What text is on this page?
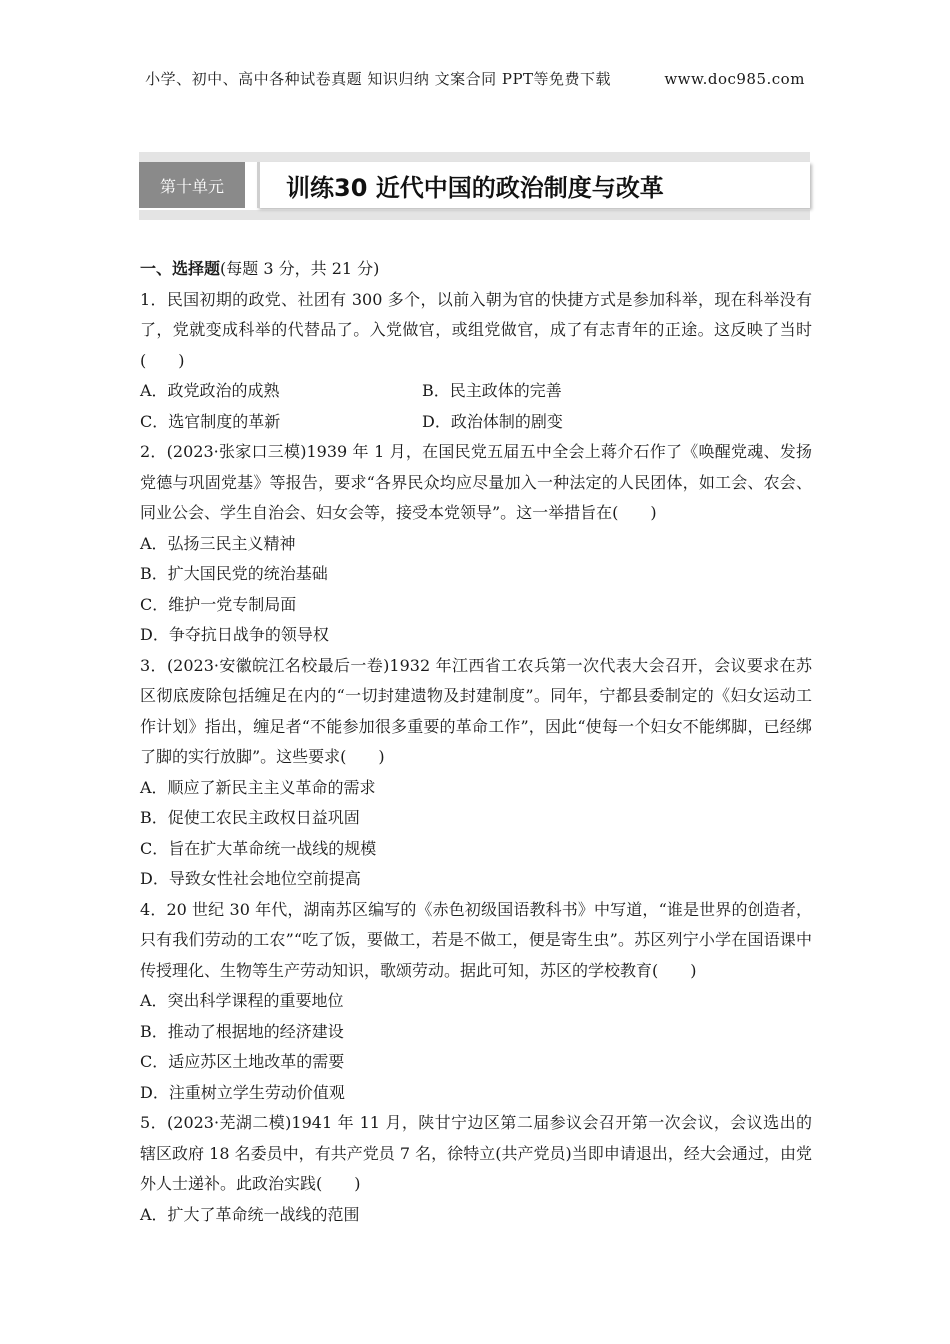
小学、初中、高中各种试卷真题 知识归纳 文案合同 PPT等免费下载	www.doc985.com
第十单元	训练30 近代中国的政治制度与改革

一、选择题(每题 3 分，共 21 分)

1．民国初期的政党、社团有 300 多个，以前入朝为官的快捷方式是参加科举，现在科举没有了，党就变成科举的代替品了。入党做官，或组党做官，成了有志青年的正途。这反映了当时(　　)

A．政党政治的成熟	B．民主政体的完善

C．选官制度的革新	D．政治体制的剧变

2．(2023·张家口三模)1939 年 1 月，在国民党五届五中全会上蒋介石作了《唤醒党魂、发扬党德与巩固党基》等报告，要求“各界民众均应尽量加入一种法定的人民团体，如工会、农会、同业公会、学生自治会、妇女会等，接受本党领导”。这一举措旨在(　　)

A．弘扬三民主义精神

B．扩大国民党的统治基础

C．维护一党专制局面

D．争夺抗日战争的领导权

3．(2023·安徽皖江名校最后一卷)1932 年江西省工农兵第一次代表大会召开，会议要求在苏区彻底废除包括缠足在内的“一切封建遗物及封建制度”。同年，宁都县委制定的《妇女运动工作计划》指出，缠足者“不能参加很多重要的革命工作”，因此“使每一个妇女不能绑脚，已经绑了脚的实行放脚”。这些要求(　　)

A．顺应了新民主主义革命的需求

B．促使工农民主政权日益巩固

C．旨在扩大革命统一战线的规模

D．导致女性社会地位空前提高

4．20 世纪 30 年代，湖南苏区编写的《赤色初级国语教科书》中写道，“谁是世界的创造者，只有我们劳动的工农”“吃了饭，要做工，若是不做工，便是寄生虫”。苏区列宁小学在国语课中传授理化、生物等生产劳动知识，歌颂劳动。据此可知，苏区的学校教育(　　)

A．突出科学课程的重要地位

B．推动了根据地的经济建设

C．适应苏区土地改革的需要

D．注重树立学生劳动价值观

5．(2023·芜湖二模)1941 年 11 月，陕甘宁边区第二届参议会召开第一次会议，会议选出的辖区政府 18 名委员中，有共产党员 7 名，徐特立(共产党员)当即申请退出，经大会通过，由党外人士递补。此政治实践(　　)

A．扩大了革命统一战线的范围
